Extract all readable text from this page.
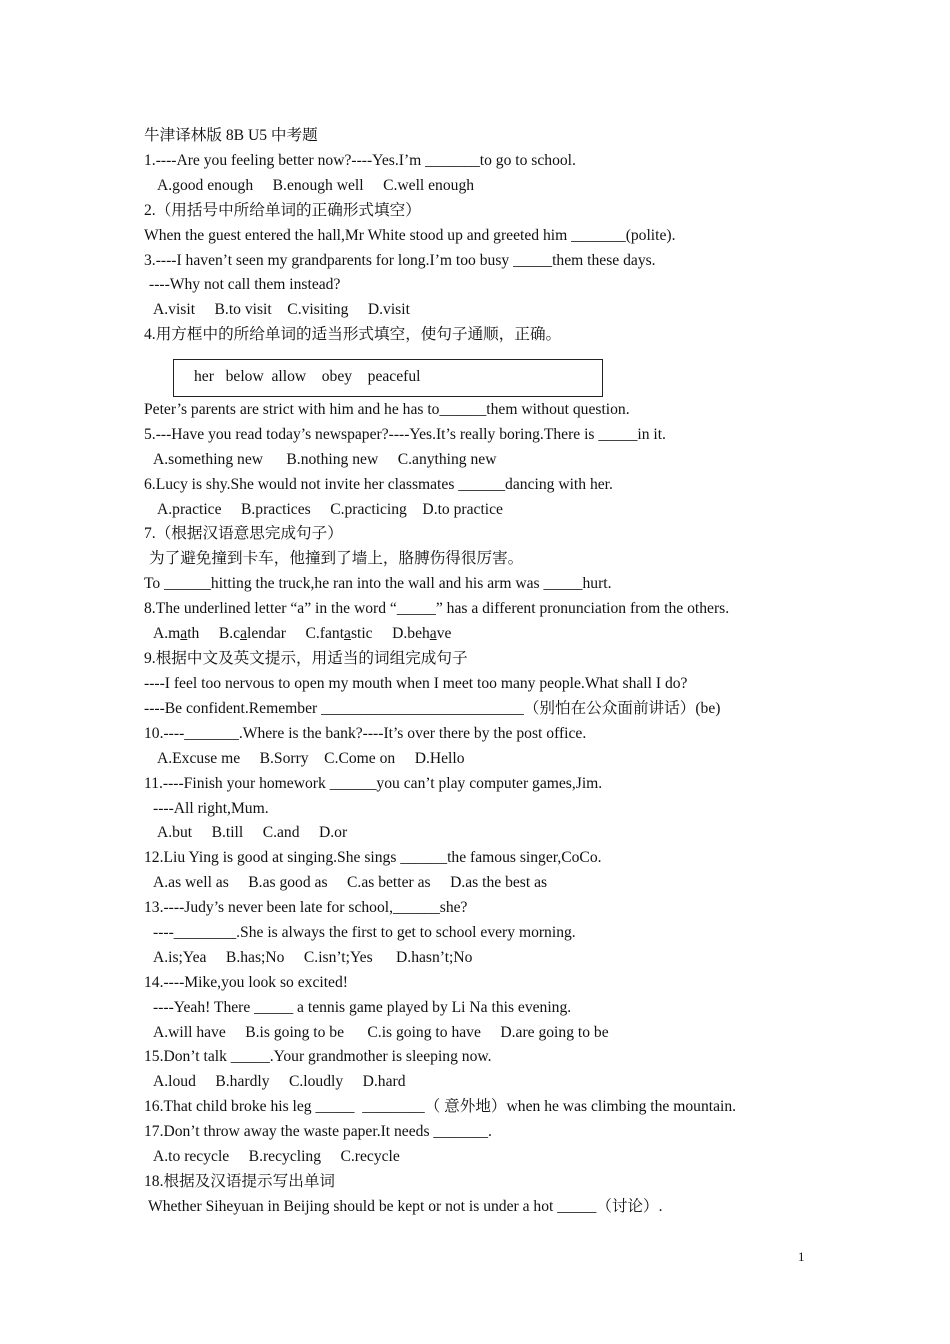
牛津译林版 8B U5 中考题
1.----Are you feeling better now?----Yes.I’m _______to go to school.
A.good enough     B.enough well     C.well enough
2.（用括号中所给单词的正确形式填空）
When the guest entered the hall,Mr White stood up and greeted him _______(polite).
3.----I haven’t seen my grandparents for long.I’m too busy _____them these days.
----Why not call them instead?
A.visit     B.to visit    C.visiting     D.visit
4.用方框中的所给单词的适当形式填空，使句子通顺，正确。
her   below  allow    obey    peaceful
Peter’s parents are strict with him and he has to______them without question.
5.---Have you read today’s newspaper?----Yes.It’s really boring.There is _____in it.
A.something new      B.nothing new     C.anything new
6.Lucy is shy.She would not invite her classmates ______dancing with her.
A.practice     B.practices     C.practicing    D.to practice
7.（根据汉语意思完成句子）
为了避免撞到卡车，他撞到了墙上，胳膊伤得很厉害。
To ______hitting the truck,he ran into the wall and his arm was _____hurt.
8.The underlined letter “a” in the word “_____” has a different pronunciation from the others.
A.math B.calendar C.fantastic D.behave
9.根据中文及英文提示，用适当的词组完成句子
----I feel too nervous to open my mouth when I meet too many people.What shall I do?
----Be confident.Remember __________________________（别怕在公众面前讲话）(be)
10.----_______.Where is the bank?----It’s over there by the post office.
A.Excuse me     B.Sorry    C.Come on     D.Hello
11.----Finish your homework ______you can’t play computer games,Jim.
----All right,Mum.
A.but     B.till     C.and     D.or
12.Liu Ying is good at singing.She sings ______the famous singer,CoCo.
A.as well as     B.as good as     C.as better as     D.as the best as
13.----Judy’s never been late for school,______she?
----________.She is always the first to get to school every morning.
A.is;Yea     B.has;No     C.isn’t;Yes      D.hasn’t;No
14.----Mike,you look so excited!
----Yeah! There _____ a tennis game played by Li Na this evening.
A.will have     B.is going to be      C.is going to have     D.are going to be
15.Don’t talk _____.Your grandmother is sleeping now.
A.loud     B.hardly     C.loudly     D.hard
16.That child broke his leg _____  ________（ 意外地）when he was climbing the mountain.
17.Don’t throw away the waste paper.It needs _______.
A.to recycle     B.recycling     C.recycle
18.根据及汉语提示写出单词
Whether Siheyuan in Beijing should be kept or not is under a hot _____（讨论）.
1
